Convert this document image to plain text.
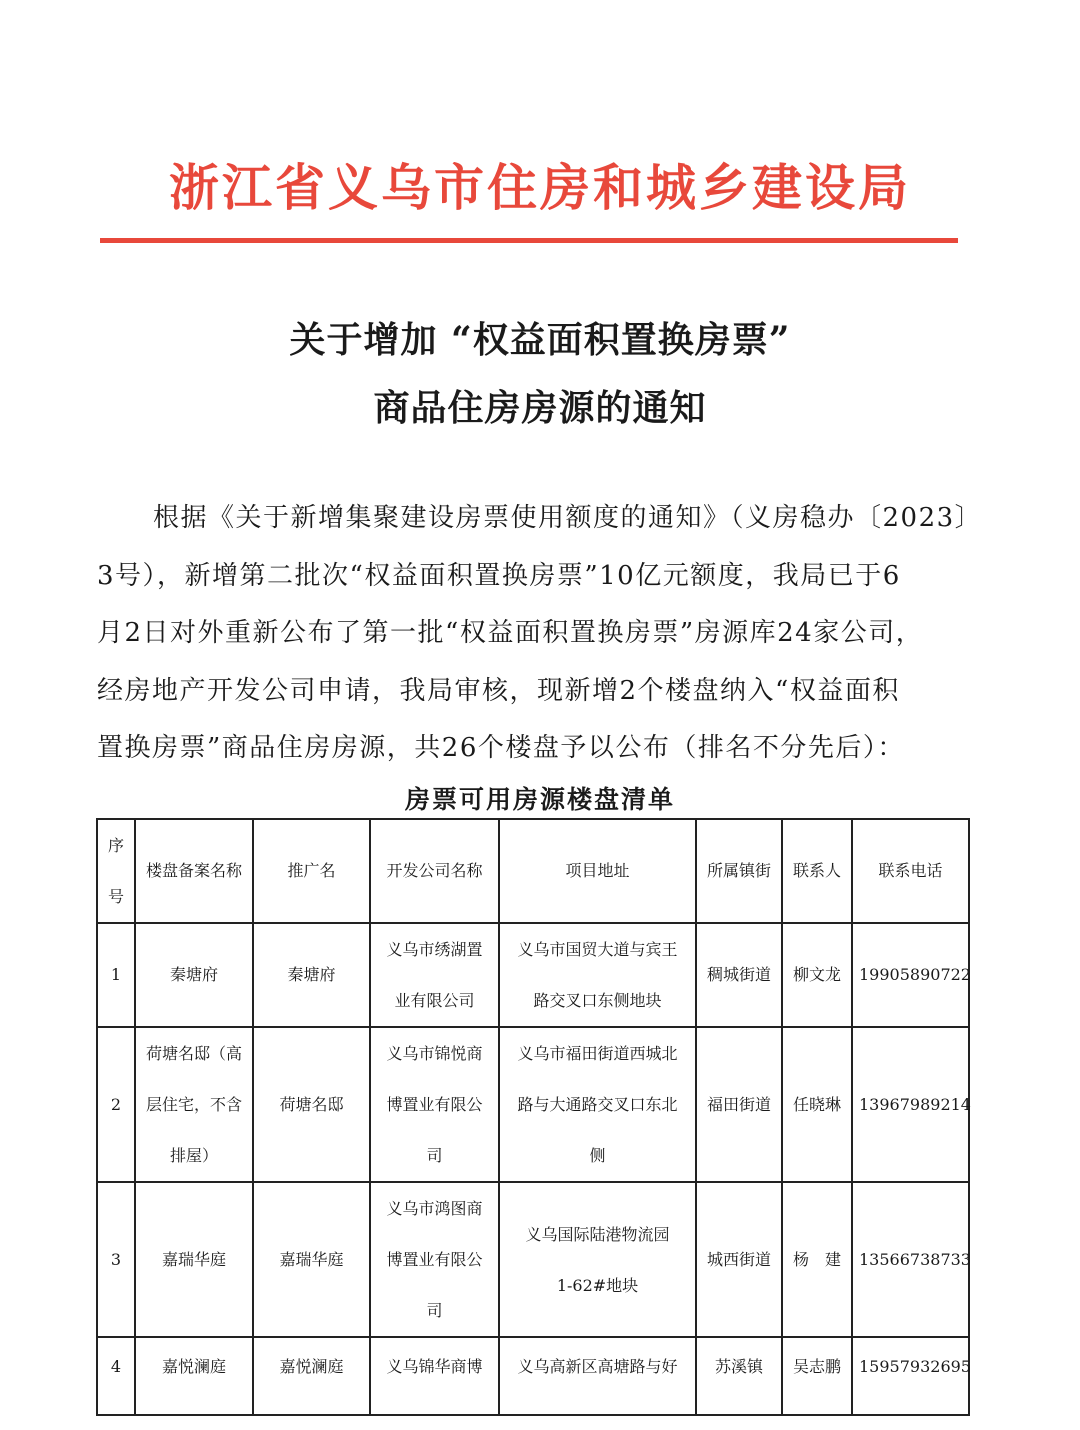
浙江省义乌市住房和城乡建设局
关于增加 “权益面积置换房票”
商品住房房源的通知
根据《关于新增集聚建设房票使用额度的通知》（义房稳办〔2023〕
3号），新增第二批次“权益面积置换房票”10亿元额度，我局已于6
月2日对外重新公布了第一批“权益面积置换房票”房源库24家公司，
经房地产开发公司申请，我局审核，现新增2个楼盘纳入“权益面积
置换房票”商品住房房源，共26个楼盘予以公布（排名不分先后）：
房票可用房源楼盘清单
序
号	楼盘备案名称	推广名	开发公司名称	项目地址	所属镇街	联系人	联系电话
1	秦塘府	秦塘府	义乌市绣湖置
业有限公司	义乌市国贸大道与宾王
路交叉口东侧地块	稠城街道	柳文龙	19905890722
2	荷塘名邸（高
层住宅，不含
排屋）	荷塘名邸	义乌市锦悦商
博置业有限公
司	义乌市福田街道西城北
路与大通路交叉口东北
侧	福田街道	任晓琳	13967989214
3	嘉瑞华庭	嘉瑞华庭	义乌市鸿图商
博置业有限公
司	义乌国际陆港物流园
1-62#地块	城西街道	杨　建	13566738733
4	嘉悦澜庭	嘉悦澜庭	义乌锦华商博	义乌高新区高塘路与好	苏溪镇	吴志鹏	15957932695
